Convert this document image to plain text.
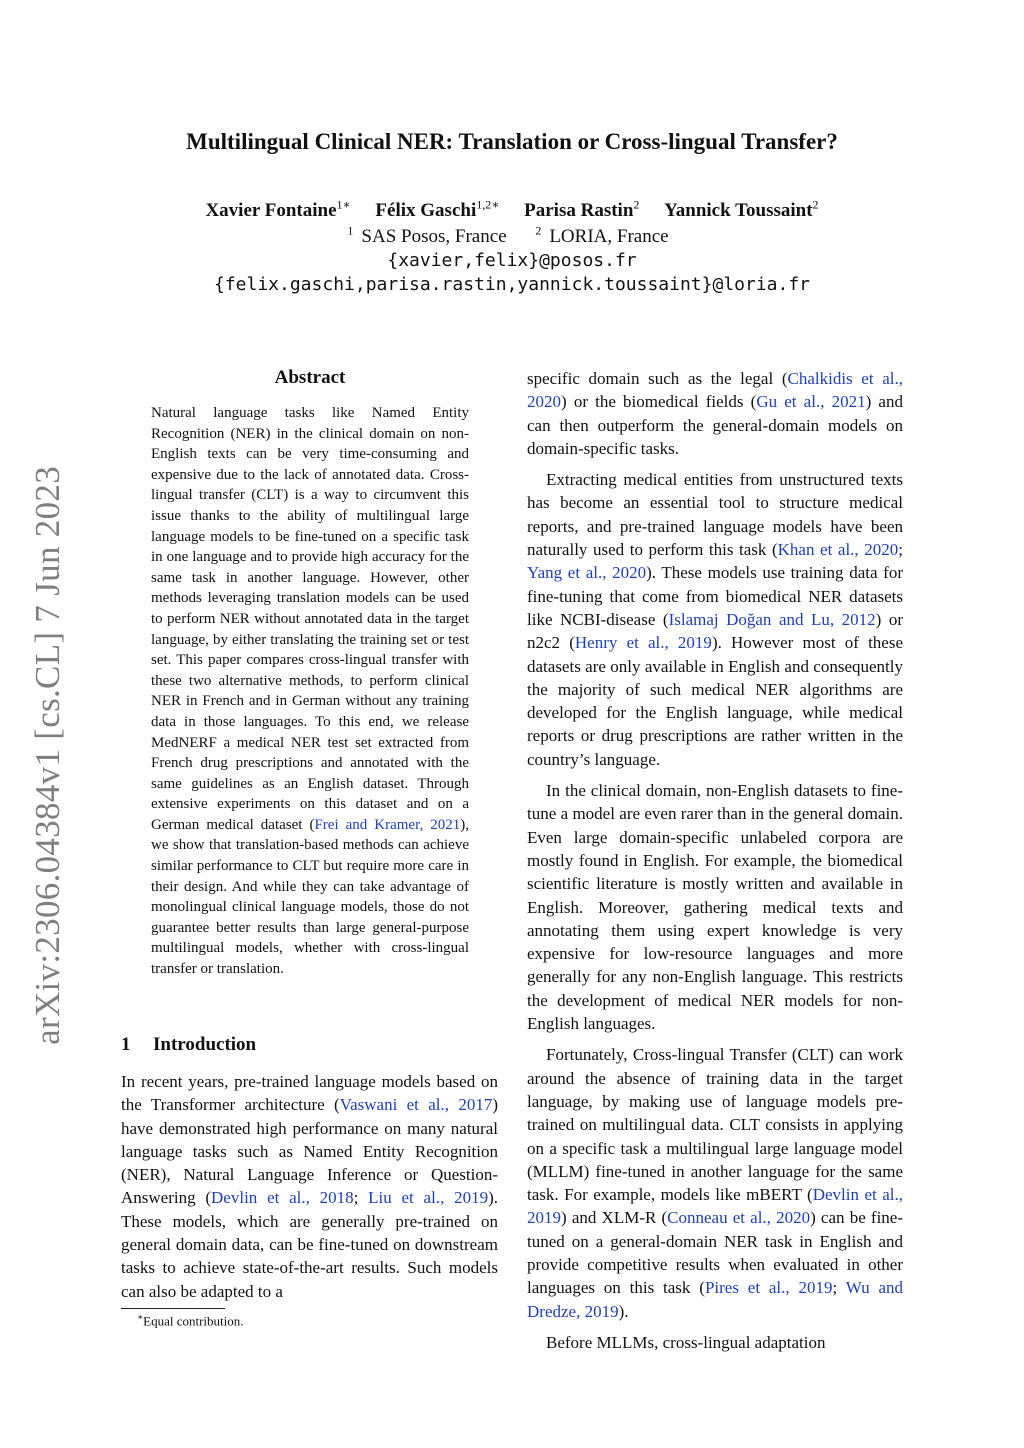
arXiv:2306.04384v1 [cs.CL] 7 Jun 2023
Multilingual Clinical NER: Translation or Cross-lingual Transfer?
Xavier Fontaine$^{1∗}$ Félix Gaschi$^{1,2∗}$ Parisa Rastin$^2$ Yannick Toussaint$^2$
$^1$ SAS Posos, France $^2$ LORIA, France
{xavier,felix}@posos.fr
{felix.gaschi,parisa.rastin,yannick.toussaint}@loria.fr
Abstract

Natural language tasks like Named Entity Recognition (NER) in the clinical domain on non-English texts can be very time-consuming and expensive due to the lack of annotated data. Cross-lingual transfer (CLT) is a way to circumvent this issue thanks to the ability of multilingual large language models to be fine-tuned on a specific task in one language and to provide high accuracy for the same task in another language. However, other methods leveraging translation models can be used to perform NER without annotated data in the target language, by either translating the training set or test set. This paper compares cross-lingual transfer with these two alternative methods, to perform clinical NER in French and in German without any training data in those languages. To this end, we release MedNERF a medical NER test set extracted from French drug prescriptions and annotated with the same guidelines as an English dataset. Through extensive experiments on this dataset and on a German medical dataset (Frei and Kramer, 2021), we show that translation-based methods can achieve similar performance to CLT but require more care in their design. And while they can take advantage of monolingual clinical language models, those do not guarantee better results than large general-purpose multilingual models, whether with cross-lingual transfer or translation.

1 Introduction

In recent years, pre-trained language models based on the Transformer architecture (Vaswani et al., 2017) have demonstrated high performance on many natural language tasks such as Named Entity Recognition (NER), Natural Language Inference or Question-Answering (Devlin et al., 2018; Liu et al., 2019). These models, which are generally pre-trained on general domain data, can be fine-tuned on downstream tasks to achieve state-of-the-art results. Such models can also be adapted to a

specific domain such as the legal (Chalkidis et al., 2020) or the biomedical fields (Gu et al., 2021) and can then outperform the general-domain models on domain-specific tasks.

Extracting medical entities from unstructured texts has become an essential tool to structure medical reports, and pre-trained language models have been naturally used to perform this task (Khan et al., 2020; Yang et al., 2020). These models use training data for fine-tuning that come from biomedical NER datasets like NCBI-disease (Islamaj Doğan and Lu, 2012) or n2c2 (Henry et al., 2019). However most of these datasets are only available in English and consequently the majority of such medical NER algorithms are developed for the English language, while medical reports or drug prescriptions are rather written in the country’s language.

In the clinical domain, non-English datasets to fine-tune a model are even rarer than in the general domain. Even large domain-specific unlabeled corpora are mostly found in English. For example, the biomedical scientific literature is mostly written and available in English. Moreover, gathering medical texts and annotating them using expert knowledge is very expensive for low-resource languages and more generally for any non-English language. This restricts the development of medical NER models for non-English languages.

Fortunately, Cross-lingual Transfer (CLT) can work around the absence of training data in the target language, by making use of language models pre-trained on multilingual data. CLT consists in applying on a specific task a multilingual large language model (MLLM) fine-tuned in another language for the same task. For example, models like mBERT (Devlin et al., 2019) and XLM-R (Conneau et al., 2020) can be fine-tuned on a general-domain NER task in English and provide competitive results when evaluated in other languages on this task (Pires et al., 2019; Wu and Dredze, 2019).

Before MLLMs, cross-lingual adaptation

∗Equal contribution.
